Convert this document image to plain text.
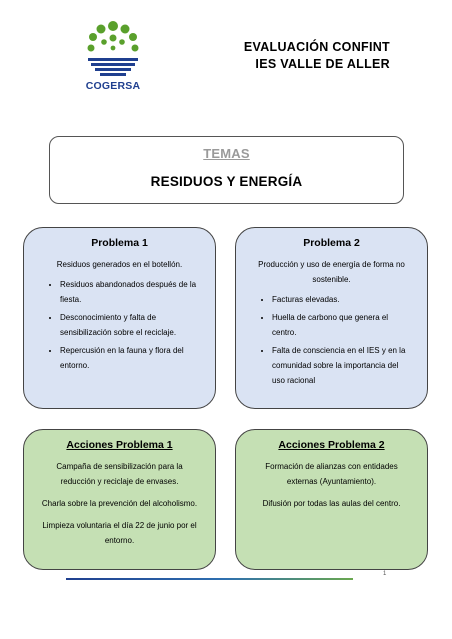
COGERSA
EVALUACIÓN CONFINT
IES VALLE DE ALLER
TEMAS
RESIDUOS Y ENERGÍA
Problema 1
Residuos generados en el botellón.
• Residuos abandonados después de la fiesta.
• Desconocimiento y falta de sensibilización sobre el reciclaje.
• Repercusión en la fauna y flora del entorno.
Problema 2
Producción y uso de energía de forma no sostenible.
• Facturas elevadas.
• Huella de carbono que genera el centro.
• Falta de consciencia en el IES y en la comunidad sobre la importancia del uso racional
Acciones Problema 1

Campaña de sensibilización para la reducción y reciclaje de envases.

Charla sobre la prevención del alcoholismo.

Limpieza voluntaria el día 22 de junio por el entorno.

Acciones Problema 2

Formación de alianzas con entidades externas (Ayuntamiento).

Difusión por todas las aulas del centro.

1
